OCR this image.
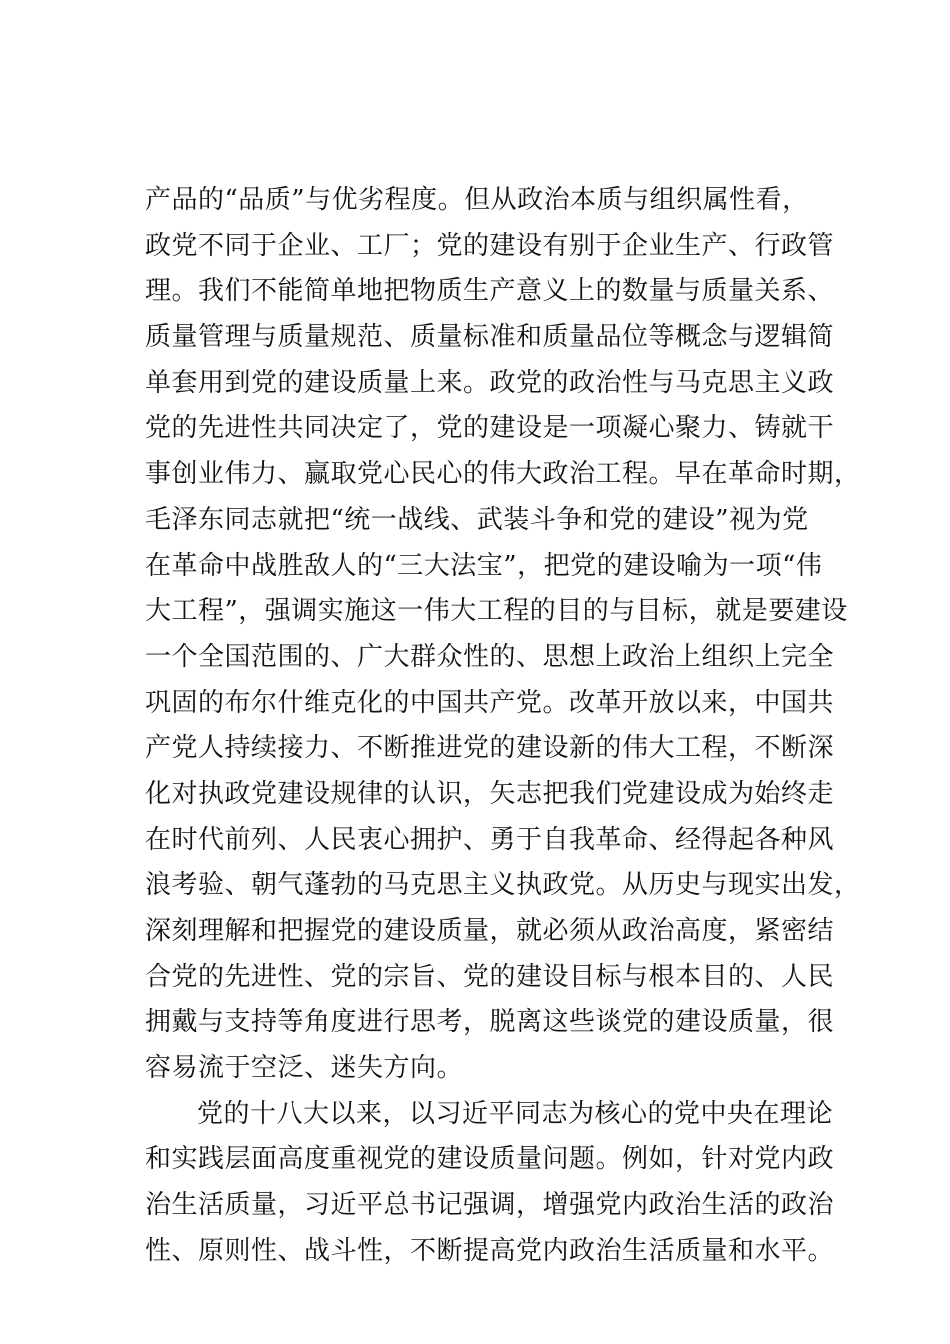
产品的“品质”与优劣程度。但从政治本质与组织属性看，
政党不同于企业、工厂；党的建设有别于企业生产、行政管
理。我们不能简单地把物质生产意义上的数量与质量关系、
质量管理与质量规范、质量标准和质量品位等概念与逻辑简
单套用到党的建设质量上来。政党的政治性与马克思主义政
党的先进性共同决定了，党的建设是一项凝心聚力、铸就干
事创业伟力、赢取党心民心的伟大政治工程。早在革命时期，
毛泽东同志就把“统一战线、武装斗争和党的建设”视为党
在革命中战胜敌人的“三大法宝”，把党的建设喻为一项“伟
大工程”，强调实施这一伟大工程的目的与目标，就是要建设
一个全国范围的、广大群众性的、思想上政治上组织上完全
巩固的布尔什维克化的中国共产党。改革开放以来，中国共
产党人持续接力、不断推进党的建设新的伟大工程，不断深
化对执政党建设规律的认识，矢志把我们党建设成为始终走
在时代前列、人民衷心拥护、勇于自我革命、经得起各种风
浪考验、朝气蓬勃的马克思主义执政党。从历史与现实出发，
深刻理解和把握党的建设质量，就必须从政治高度，紧密结
合党的先进性、党的宗旨、党的建设目标与根本目的、人民
拥戴与支持等角度进行思考，脱离这些谈党的建设质量，很
容易流于空泛、迷失方向。
党的十八大以来，以习近平同志为核心的党中央在理论
和实践层面高度重视党的建设质量问题。例如，针对党内政
治生活质量，习近平总书记强调，增强党内政治生活的政治
性、原则性、战斗性，不断提高党内政治生活质量和水平。
